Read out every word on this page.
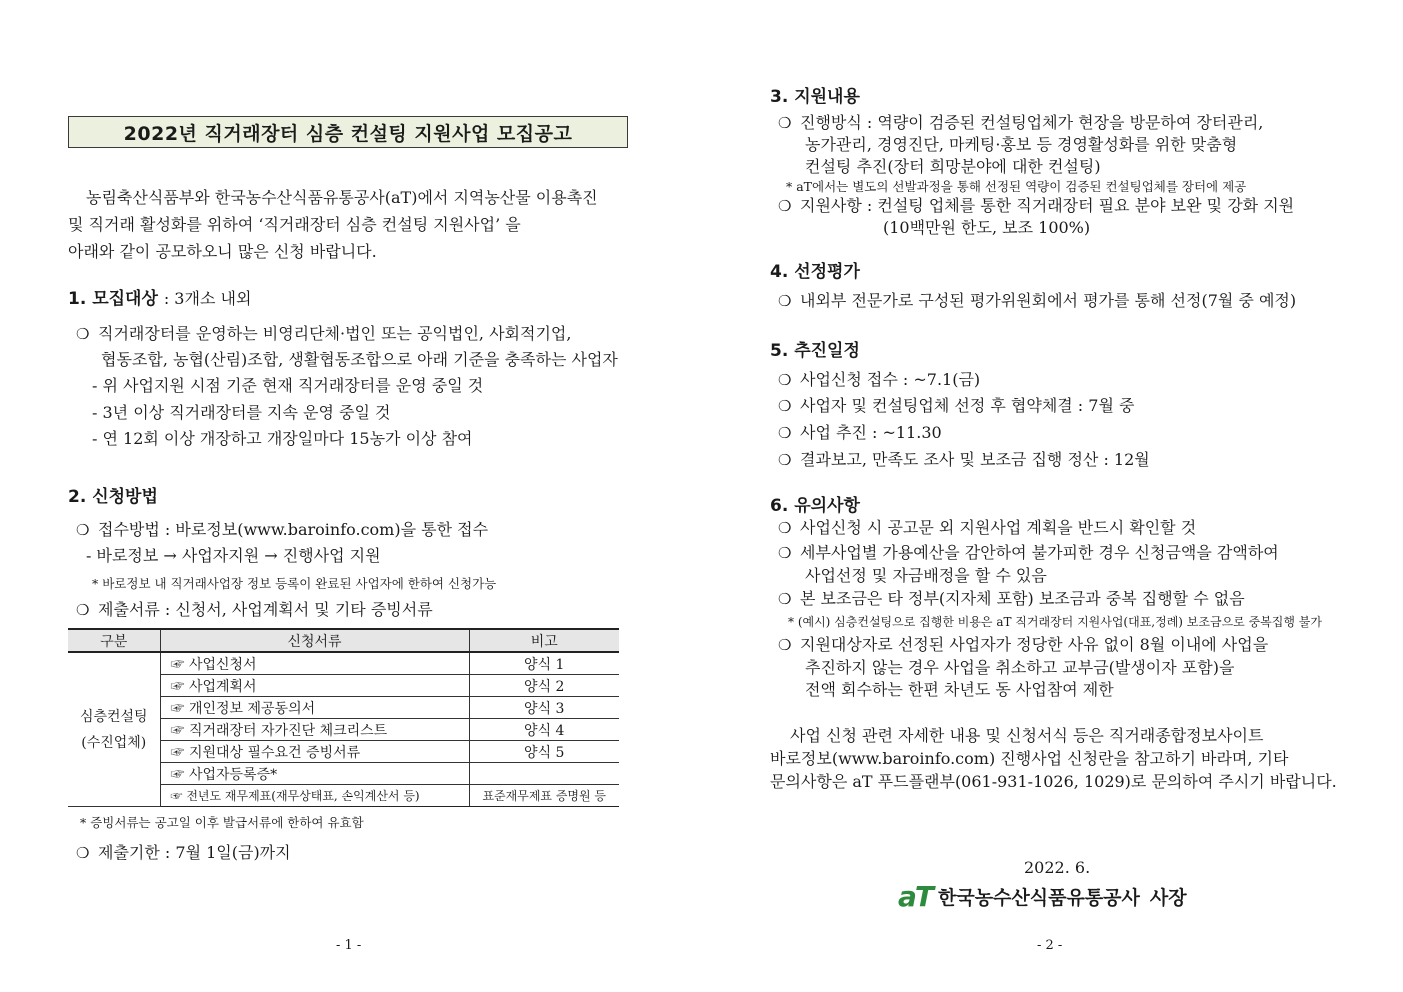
2022년 직거래장터 심층 컨설팅 지원사업 모집공고
농림축산식품부와 한국농수산식품유통공사(aT)에서 지역농산물 이용촉진
및 직거래 활성화를 위하여 ‘직거래장터 심층 컨설팅 지원사업’ 을
아래와 같이 공모하오니 많은 신청 바랍니다.
1. 모집대상 : 3개소 내외
❍ 직거래장터를 운영하는 비영리단체·법인 또는 공익법인, 사회적기업,
협동조합, 농협(산림)조합, 생활협동조합으로 아래 기준을 충족하는 사업자
- 위 사업지원 시점 기준 현재 직거래장터를 운영 중일 것
- 3년 이상 직거래장터를 지속 운영 중일 것
- 연 12회 이상 개장하고 개장일마다 15농가 이상 참여
2. 신청방법
❍ 접수방법 : 바로정보(www.baroinfo.com)을 통한 접수
- 바로정보 → 사업자지원 → 진행사업 지원
* 바로정보 내 직거래사업장 정보 등록이 완료된 사업자에 한하여 신청가능
❍ 제출서류 : 신청서, 사업계획서 및 기타 증빙서류
구분	신청서류	비고

심층컨설팅
(수진업체)	☞ 사업신청서	양식 1
	☞ 사업계획서	양식 2
	☞ 개인정보 제공동의서	양식 3
	☞ 직거래장터 자가진단 체크리스트	양식 4
	☞ 지원대상 필수요건 증빙서류	양식 5
	☞ 사업자등록증*	
	☞ 전년도 재무제표(재무상태표, 손익계산서 등)	표준재무제표 증명원 등
* 증빙서류는 공고일 이후 발급서류에 한하여 유효함
❍ 제출기한 : 7월 1일(금)까지
- 1 -
3. 지원내용
❍ 진행방식 : 역량이 검증된 컨설팅업체가 현장을 방문하여 장터관리,
농가관리, 경영진단, 마케팅·홍보 등 경영활성화를 위한 맞춤형
컨설팅 추진(장터 희망분야에 대한 컨설팅)
* aT에서는 별도의 선발과정을 통해 선정된 역량이 검증된 컨설팅업체를 장터에 제공
❍ 지원사항 : 컨설팅 업체를 통한 직거래장터 필요 분야 보완 및 강화 지원
(10백만원 한도, 보조 100%)
4. 선정평가
❍ 내외부 전문가로 구성된 평가위원회에서 평가를 통해 선정(7월 중 예정)
5. 추진일정
❍ 사업신청 접수 : ~7.1(금)
❍ 사업자 및 컨설팅업체 선정 후 협약체결 : 7월 중
❍ 사업 추진 : ~11.30
❍ 결과보고, 만족도 조사 및 보조금 집행 정산 : 12월
6. 유의사항
❍ 사업신청 시 공고문 외 지원사업 계획을 반드시 확인할 것
❍ 세부사업별 가용예산을 감안하여 불가피한 경우 신청금액을 감액하여
사업선정 및 자금배정을 할 수 있음
❍ 본 보조금은 타 정부(지자체 포함) 보조금과 중복 집행할 수 없음
* (예시) 심층컨설팅으로 집행한 비용은 aT 직거래장터 지원사업(대표,정례) 보조금으로 중복집행 불가
❍ 지원대상자로 선정된 사업자가 정당한 사유 없이 8월 이내에 사업을
추진하지 않는 경우 사업을 취소하고 교부금(발생이자 포함)을
전액 회수하는 한편 차년도 동 사업참여 제한
사업 신청 관련 자세한 내용 및 신청서식 등은 직거래종합정보사이트
바로정보(www.baroinfo.com) 진행사업 신청란을 참고하기 바라며, 기타
문의사항은 aT 푸드플랜부(061-931-1026, 1029)로 문의하여 주시기 바랍니다.
2022. 6.
- 2 -
aT 한국농수산식품유통공사 사장
